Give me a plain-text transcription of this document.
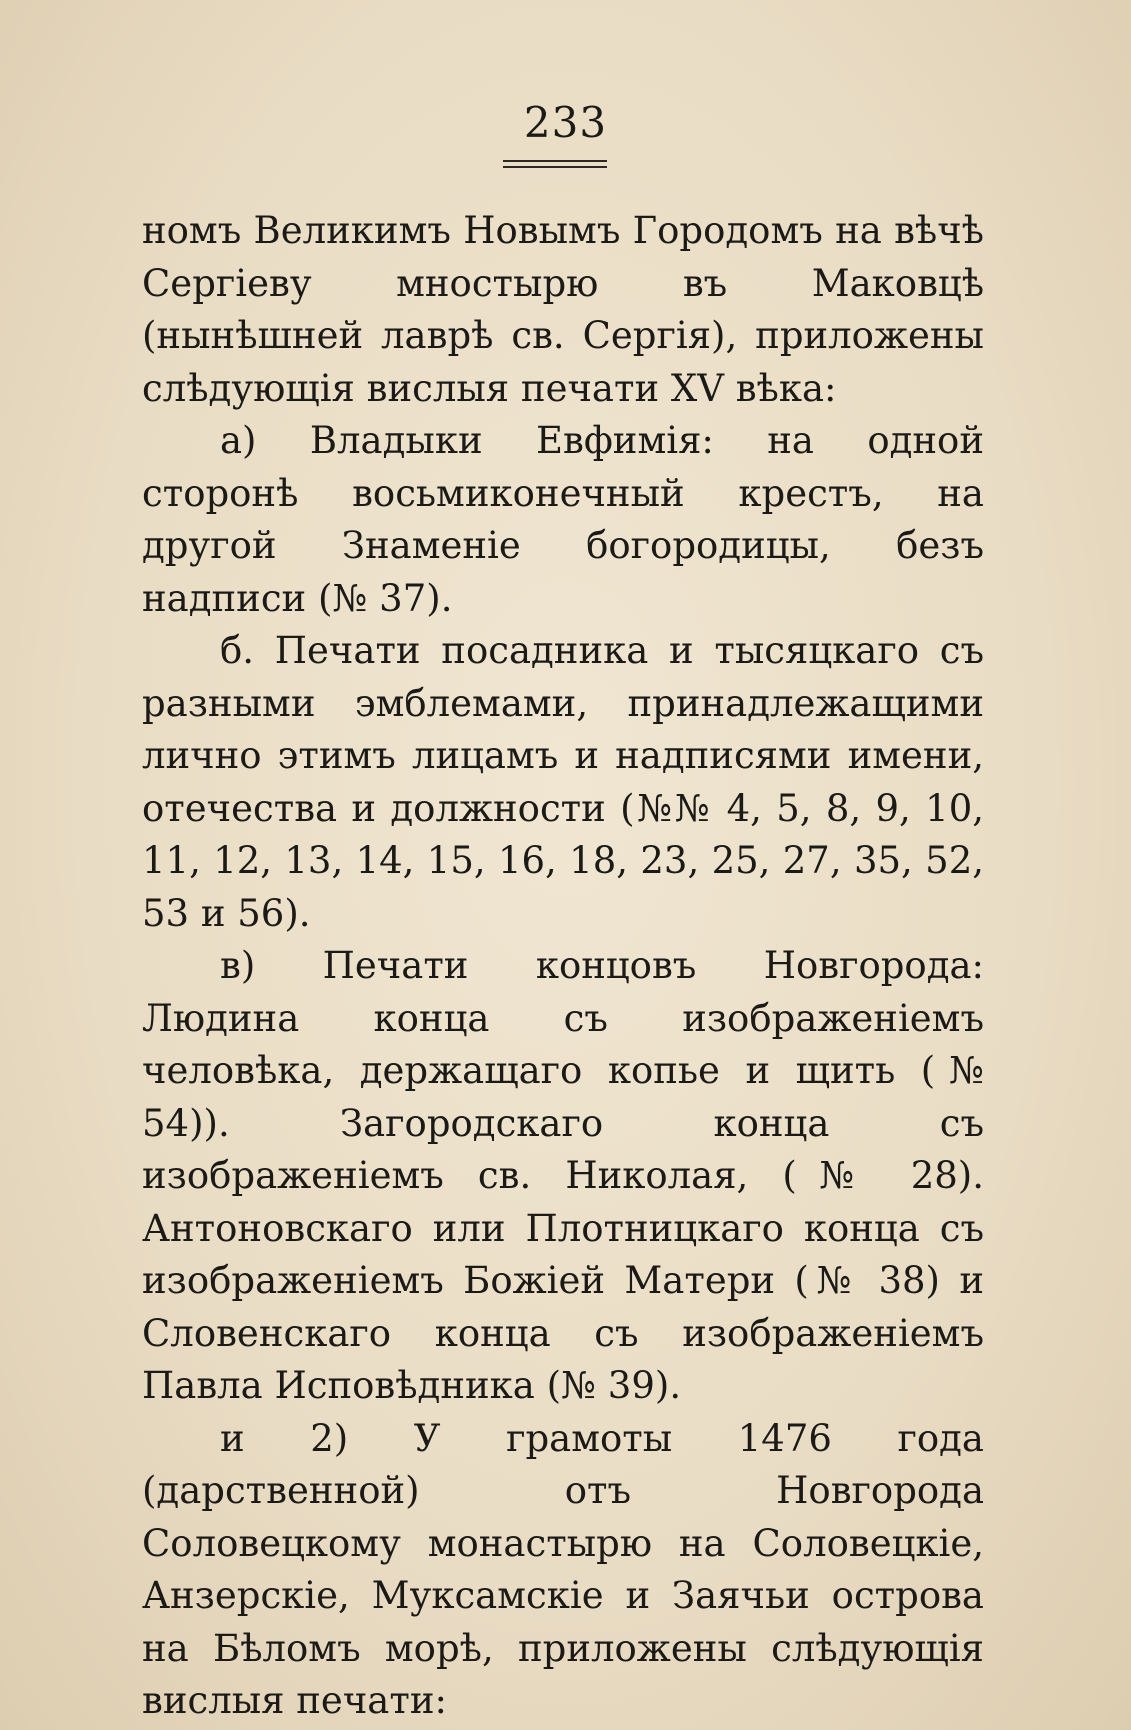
233

номъ Великимъ Новымъ Городомъ на вѣчѣ Сергіеву мностырю въ Маковцѣ (нынѣшней лаврѣ св. Сергія), приложены слѣдующія вислыя печати XV вѣка:

а) Владыки Евфимія: на одной сторонѣ восьмиконечный крестъ, на другой Знаменіе богородицы, безъ надписи (№ 37).

б. Печати посадника и тысяцкаго съ разными эмблемами, принадлежащими лично этимъ лицамъ и надписями имени, отечества и должности (№№ 4, 5, 8, 9, 10, 11, 12, 13, 14, 15, 16, 18, 23, 25, 27, 35, 52, 53 и 56).

в) Печати концовъ Новгорода: Людина конца съ изображеніемъ человѣка, держащаго копье и щить (№ 54)). Загородскаго конца съ изображеніемъ св. Николая, (№ 28). Антоновскаго или Плотницкаго конца съ изображеніемъ Божіей Матери (№ 38) и Словенскаго конца съ изображеніемъ Павла Исповѣдника (№ 39).

и 2) У грамоты 1476 года (дарственной) отъ Новгорода Соловецкому монастырю на Соловецкіе, Анзерскіе, Муксамскіе и Заячьи острова на Бѣломъ морѣ, приложены слѣдующія вислыя печати:
